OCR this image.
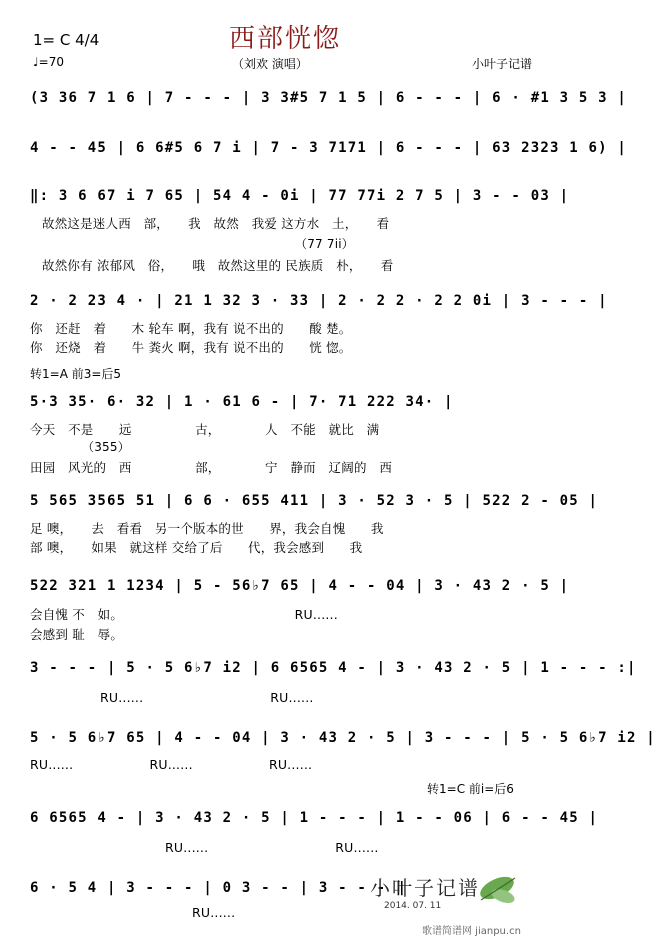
西部恍惚
1= C 4/4
♩=70	（刘欢 演唱）	小叶子记谱
(3 36 7 1 6 | 7 - - - | 3 3#5 7 1 5 | 6 - - - | 6 · #1 3 5 3 |
4 - - 45 | 6 6#5 6 7 i | 7 - 3 7171 | 6 - - - | 63 2323 1 6) |
‖: 3 6 67 i 7 65 | 54 4 - 0i | 77 77i 2 7 5 | 3 - - 03 |
故然这是迷人西　部，　　我　故然　我爱 这方水　土，　　看
（77 7ii）
故然你有 浓郁风　俗，　　哦　故然这里的 民族质　朴，　　看
2 · 2 23 4 · | 21 1 32 3 · 33 | 2 · 2 2 · 2 2 0i | 3 - - - |
你　还赶　着　　木 轮车 啊，我有 说不出的　　酸 楚。
你　还烧　着　　牛 粪火 啊，我有 说不出的　　恍 惚。
转1=A 前3=后5
5·3 35· 6· 32 | 1 · 61 6 - | 7· 71 222 34· |
今天　不是　　远　　　　　古，　　　　人　不能　就比　满
（355）
田园　风光的　西　　　　　部，　　　　宁　静而　辽阔的　西
5 565 3565 51 | 6 6 · 655 411 | 3 · 52 3 · 5 | 522 2 - 05 |
足 噢，　　去　看看　另一个版本的世　　界，我会自愧　　我
部 噢，　　如果　就这样 交给了后　　代，我会感到　　我
522 321 1 1234 | 5 - 56♭7 65 | 4 - - 04 | 3 · 43 2 · 5 |
会自愧 不　如。　　　　　　　　　　　　　　RU......
会感到 耻　辱。
3 - - - | 5 · 5 6♭7 i2 | 6 6565 4 - | 3 · 43 2 · 5 | 1 - - - :|
RU......　　　　　　　　　　RU......
5 · 5 6♭7 65 | 4 - - 04 | 3 · 43 2 · 5 | 3 - - - | 5 · 5 6♭7 i2 |
RU......　　　　　　RU......　　　　　　RU......
转1=C 前i=后6
6 6565 4 - | 3 · 43 2 · 5 | 1 - - - | 1 - - 06 | 6 - - 45 |
RU......　　　　　　　　　　RU......
6 · 5 4 | 3 - - - | 0 3 - - | 3 - - - ‖
RU......
小叶子记谱
2014. 07. 11
歌谱简谱网 jianpu.cn
